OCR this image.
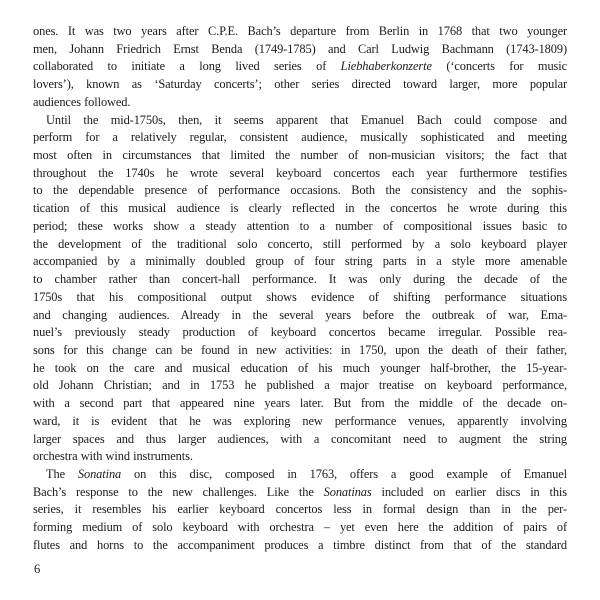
ones. It was two years after C.P.E. Bach’s departure from Berlin in 1768 that two younger
men, Johann Friedrich Ernst Benda (1749-1785) and Carl Ludwig Bachmann (1743-1809)
collaborated to initiate a long lived series of Liebhaberkonzerte (‘concerts for music
lovers’), known as ‘Saturday concerts’; other series directed toward larger, more popular
audiences followed.
Until the mid-1750s, then, it seems apparent that Emanuel Bach could compose and
perform for a relatively regular, consistent audience, musically sophisticated and meeting
most often in circumstances that limited the number of non-musician visitors; the fact that
throughout the 1740s he wrote several keyboard concertos each year furthermore testifies
to the dependable presence of performance occasions. Both the consistency and the sophis-
tication of this musical audience is clearly reflected in the concertos he wrote during this
period; these works show a steady attention to a number of compositional issues basic to
the development of the traditional solo concerto, still performed by a solo keyboard player
accompanied by a minimally doubled group of four string parts in a style more amenable
to chamber rather than concert-hall performance. It was only during the decade of the
1750s that his compositional output shows evidence of shifting performance situations
and changing audiences. Already in the several years before the outbreak of war, Ema-
nuel’s previously steady production of keyboard concertos became irregular. Possible rea-
sons for this change can be found in new activities: in 1750, upon the death of their father,
he took on the care and musical education of his much younger half-brother, the 15-year-
old Johann Christian; and in 1753 he published a major treatise on keyboard performance,
with a second part that appeared nine years later. But from the middle of the decade on-
ward, it is evident that he was exploring new performance venues, apparently involving
larger spaces and thus larger audiences, with a concomitant need to augment the string
orchestra with wind instruments.
The Sonatina on this disc, composed in 1763, offers a good example of Emanuel
Bach’s response to the new challenges. Like the Sonatinas included on earlier discs in this
series, it resembles his earlier keyboard concertos less in formal design than in the per-
forming medium of solo keyboard with orchestra – yet even here the addition of pairs of
flutes and horns to the accompaniment produces a timbre distinct from that of the standard
6
